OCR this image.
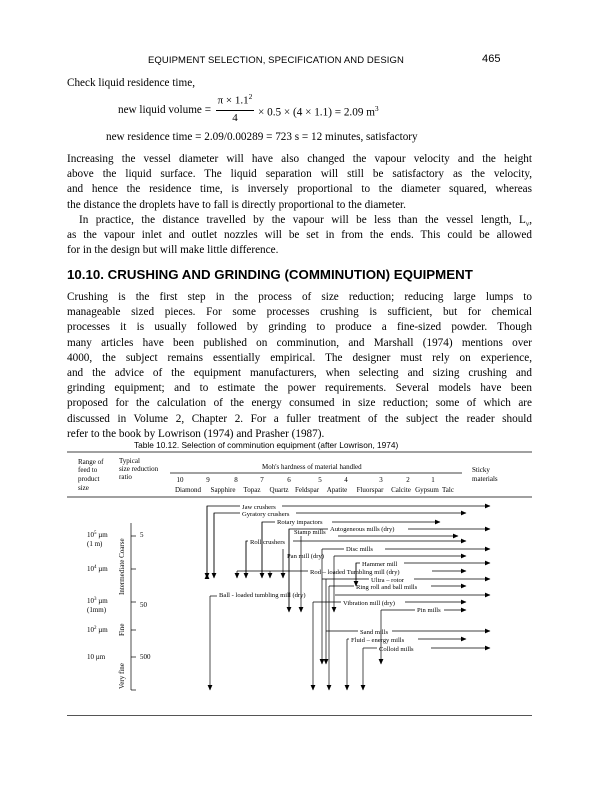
EQUIPMENT SELECTION, SPECIFICATION AND DESIGN	465
Check liquid residence time,
new liquid volume =
$\pi \times 1.1^2$
4	× 0.5 × (4 × 1.1) = 2.09 $m^3$
new residence time = 2.09/0.00289 = 723 s = 12 minutes, satisfactory
Increasing the vessel diameter will have also changed the vapour velocity and the height
above the liquid surface. The liquid separation will still be satisfactory as the velocity,
and hence the residence time, is inversely proportional to the diameter squared, whereas
the distance the droplets have to fall is directly proportional to the diameter.
In practice, the distance travelled by the vapour will be less than the vessel length, $L_v$,
as the vapour inlet and outlet nozzles will be set in from the ends. This could be allowed
for in the design but will make little difference.
10.10. CRUSHING AND GRINDING (COMMINUTION) EQUIPMENT
Crushing is the first step in the process of size reduction; reducing large lumps to
manageable sized pieces. For some processes crushing is sufficient, but for chemical
processes it is usually followed by grinding to produce a fine-sized powder. Though
many articles have been published on comminution, and Marshall (1974) mentions over
4000, the subject remains essentially empirical. The designer must rely on experience,
and the advice of the equipment manufacturers, when selecting and sizing crushing and
grinding equipment; and to estimate the power requirements. Several models have been
proposed for the calculation of the energy consumed in size reduction; some of which are
discussed in Volume 2, Chapter 2. For a fuller treatment of the subject the reader should
refer to the book by Lowrison (1974) and Prasher (1987).
Table 10.12. Selection of comminution equipment (after Lowrison, 1974)
Range of
feed to
product
size
Typical
size reduction
ratio
Moh's hardness of material handled	Sticky
materials
10	9	8	7	6	5	4	3	2	1
Diamond Sapphire Topaz Quartz Feldspar Apatite Fluorspar Calcite Gypsum Talc
$10^5$ µm
(1 m)
$10^4$ µm
$10^3$ µm
(1mm)
$10^2$ µm
10 µm
Intermediate Coarse
Fine
Very fine
5
50
500
Jaw crushers
Gyratory crushers
Rotary impactors
Stamp mills Autogeneous mills (dry)
Roll crushers
Disc mills
Pan mill (dry)
Hammer mill
Rod – loaded Tumbling mill (dry)
Ultra – rotor
Ring roll and ball mills
Ball - loaded tumbling mill (dry)
Vibration mill (dry)
Pin mills
Sand mills
Fluid – energy mills
Colloid mills
